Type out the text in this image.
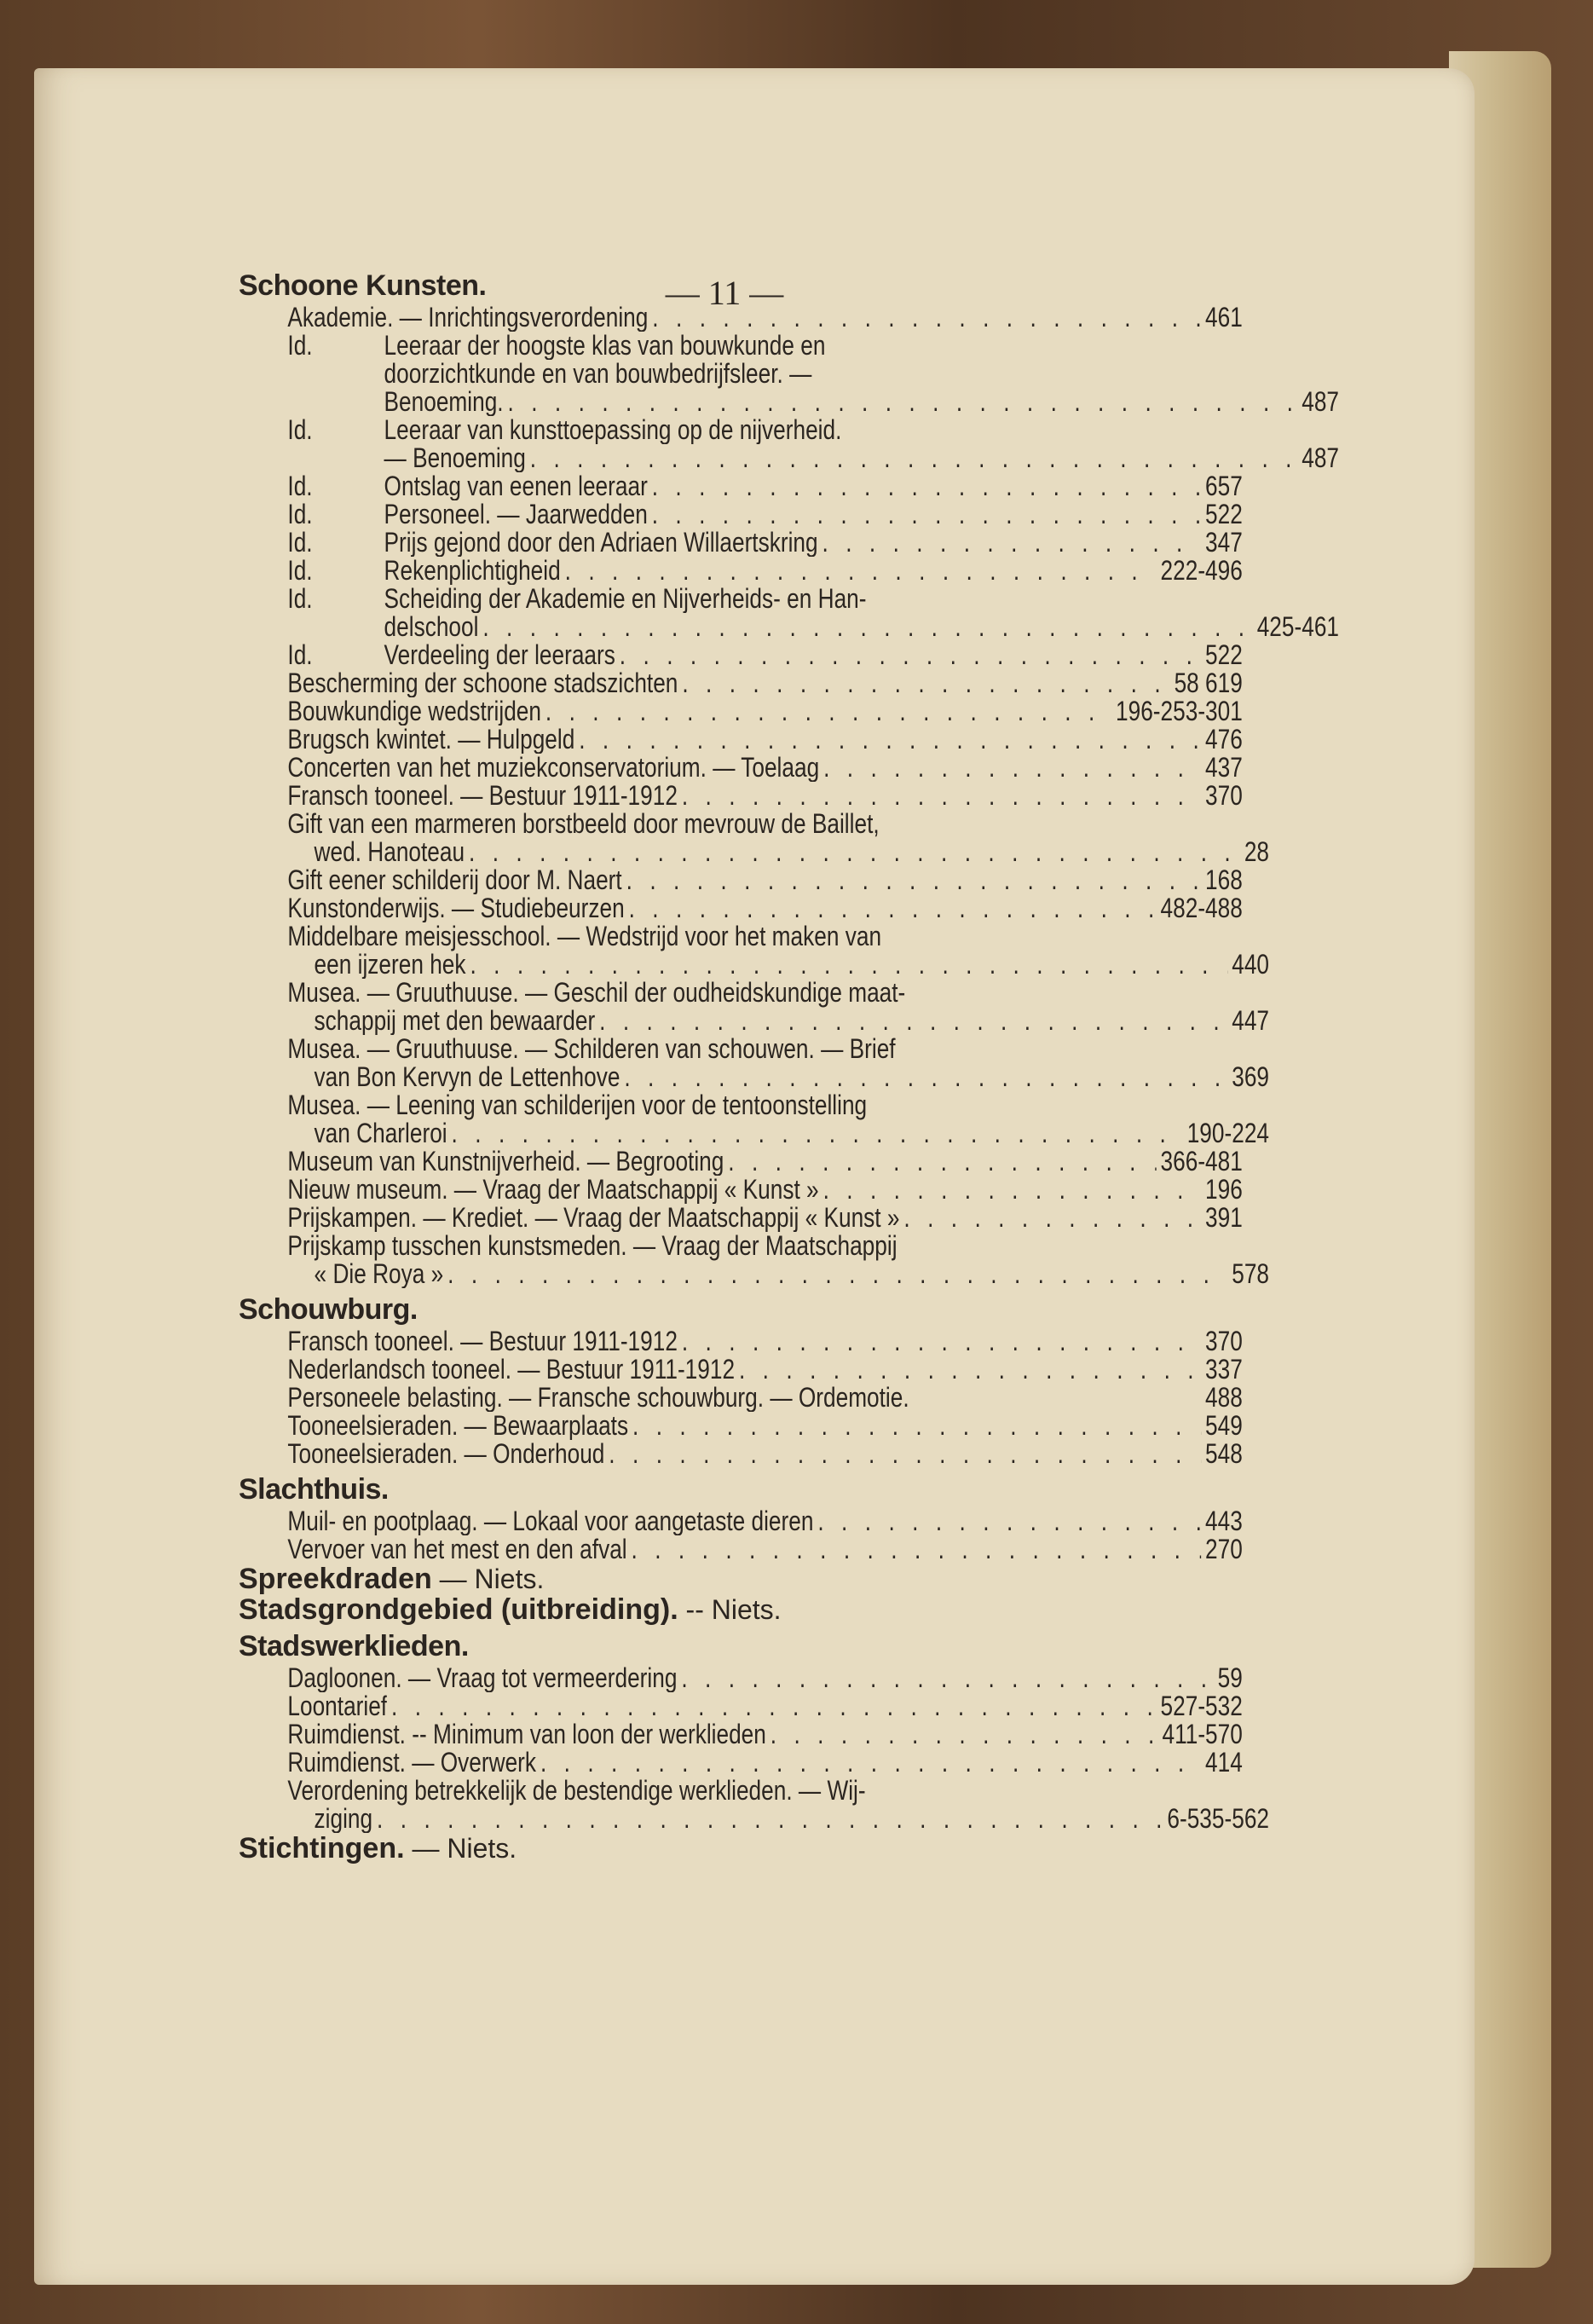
— 11 —
Schoone Kunsten.
Akademie. — Inrichtingsverordening . . .	461
Id.	Leeraar der hoogste klas van bouwkunde en
doorzichtkunde en van bouwbedrijfsleer. —
Benoeming. . . .	487
Id.	Leeraar van kunsttoepassing op de nijverheid.
— Benoeming . . .	487
Id.	Ontslag van eenen leeraar . . .	657
Id.	Personeel. — Jaarwedden . . .	522
Id.	Prijs gejond door den Adriaen Willaertskring . . .	347
Id.	Rekenplichtigheid . . .	222-496
Id.	Scheiding der Akademie en Nijverheids- en Han-
delschool . . .	425-461
Id.	Verdeeling der leeraars . . .	522
Bescherming der schoone stadszichten . . .	58 619
Bouwkundige wedstrijden . . .	196-253-301
Brugsch kwintet. — Hulpgeld . . .	476
Concerten van het muziekconservatorium. — Toelaag . . .	437
Fransch tooneel. — Bestuur 1911-1912 . . .	370
Gift van een marmeren borstbeeld door mevrouw de Baillet,
wed. Hanoteau . . .	28
Gift eener schilderij door M. Naert . . .	168
Kunstonderwijs. — Studiebeurzen . . .	482-488
Middelbare meisjesschool. — Wedstrijd voor het maken van
een ijzeren hek . . .	440
Musea. — Gruuthuuse. — Geschil der oudheidskundige maat-
schappij met den bewaarder . . .	447
Musea. — Gruuthuuse. — Schilderen van schouwen. — Brief
van Bon Kervyn de Lettenhove . . .	369
Musea. — Leening van schilderijen voor de tentoonstelling
van Charleroi . . .	190-224
Museum van Kunstnijverheid. — Begrooting . . .	366-481
Nieuw museum. — Vraag der Maatschappij « Kunst » . . .	196
Prijskampen. — Krediet. — Vraag der Maatschappij « Kunst » . . .	391
Prijskamp tusschen kunstsmeden. — Vraag der Maatschappij
« Die Roya » . . .	578
Schouwburg.
Fransch tooneel. — Bestuur 1911-1912 . . .	370
Nederlandsch tooneel. — Bestuur 1911-1912 . . .	337
Personeele belasting. — Fransche schouwburg. — Ordemotie.	488
Tooneelsieraden. — Bewaarplaats . . .	549
Tooneelsieraden. — Onderhoud . . .	548
Slachthuis.
Muil- en pootplaag. — Lokaal voor aangetaste dieren . . .	443
Vervoer van het mest en den afval . . .	270
Spreekdraden — Niets.
Stadsgrondgebied (uitbreiding). -- Niets.
Stadswerklieden.
Dagloonen. — Vraag tot vermeerdering . . .	59
Loontarief . . .	527-532
Ruimdienst. -- Minimum van loon der werklieden . . .	411-570
Ruimdienst. — Overwerk . . .	414
Verordening betrekkelijk de bestendige werklieden. — Wij-
ziging . . .	6-535-562
Stichtingen. — Niets.
